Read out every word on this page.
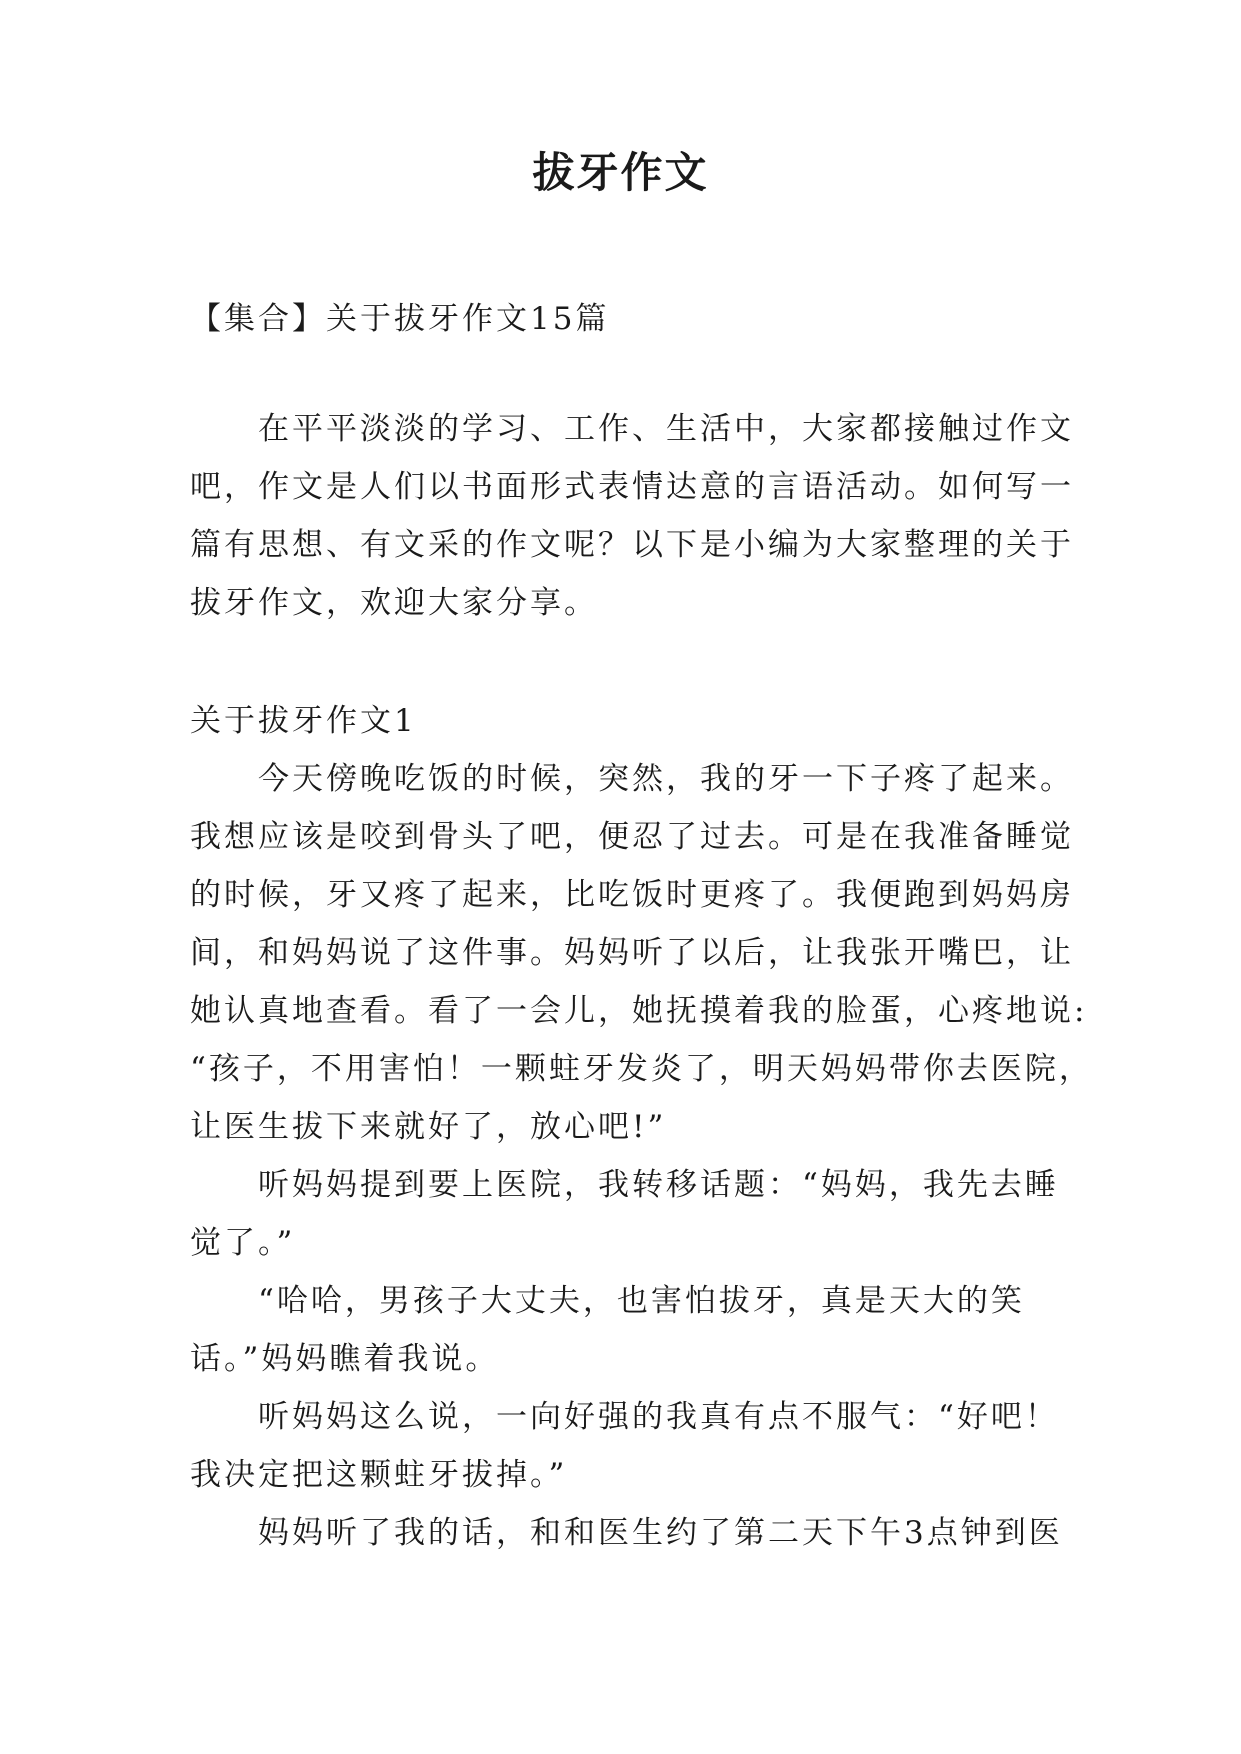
拔牙作文
【集合】关于拔牙作文15篇
　　在平平淡淡的学习、工作、生活中，大家都接触过作文
吧，作文是人们以书面形式表情达意的言语活动。如何写一
篇有思想、有文采的作文呢？以下是小编为大家整理的关于
拔牙作文，欢迎大家分享。
关于拔牙作文1
　　今天傍晚吃饭的时候，突然，我的牙一下子疼了起来。
我想应该是咬到骨头了吧，便忍了过去。可是在我准备睡觉
的时候，牙又疼了起来，比吃饭时更疼了。我便跑到妈妈房
间，和妈妈说了这件事。妈妈听了以后，让我张开嘴巴，让
她认真地查看。看了一会儿，她抚摸着我的脸蛋，心疼地说:
“孩子，不用害怕！一颗蛀牙发炎了，明天妈妈带你去医院，
让医生拔下来就好了，放心吧!”
　　听妈妈提到要上医院，我转移话题：“妈妈，我先去睡
觉了。”
　　“哈哈，男孩子大丈夫，也害怕拔牙，真是天大的笑
话。”妈妈瞧着我说。
　　听妈妈这么说，一向好强的我真有点不服气：“好吧！
我决定把这颗蛀牙拔掉。”
　　妈妈听了我的话，和和医生约了第二天下午3点钟到医
